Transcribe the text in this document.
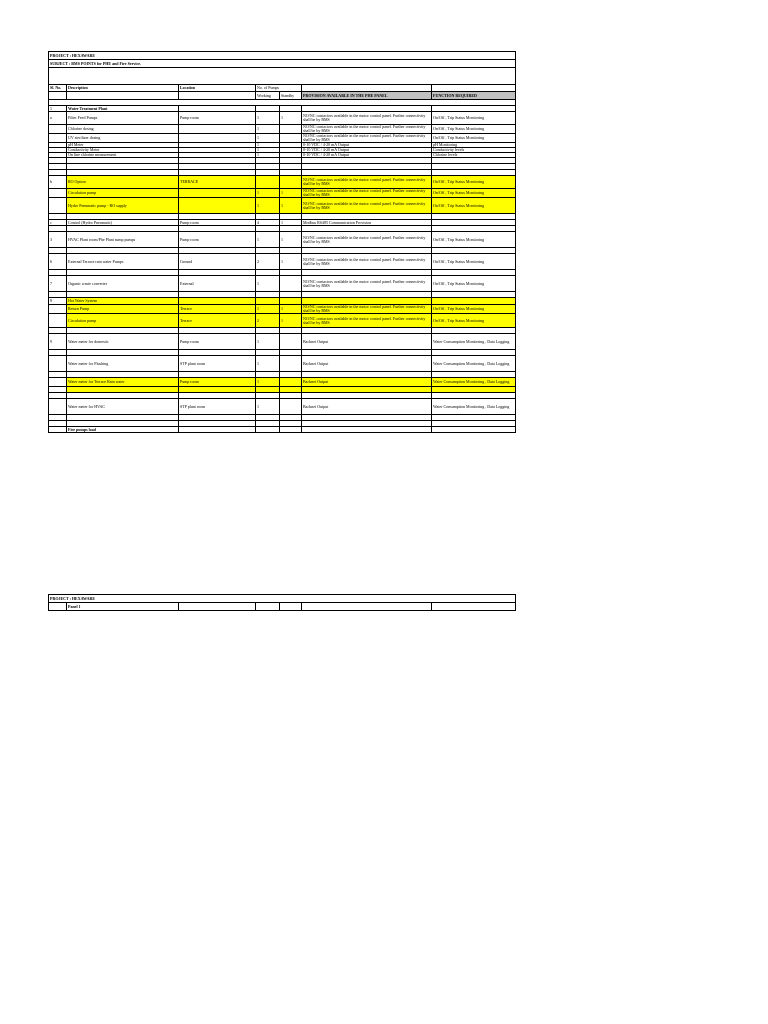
PROJECT : HEXAWARE						
SUBJECT : BMS POINTS for PHE and Fire Service.						

Sl. No.	Description	Location	No. of Pumps			
			Working	Standby	PROVISION AVAILABLE IN THE PHE PANEL	FUNCTION REQUIRED

1	Water Treatment Plant					
a	Filter Feed Pumps	Pump room	1	1	NO/NC contactors available in the motor control panel. Further connectivity shall be by BMS	On/Off , Trip Status Monitoring
	Chlorine dosing		1		NO/NC contactors available in the motor control panel. Further connectivity shall be by BMS	On/Off , Trip Status Monitoring
	UV sterilizer dosing		1		NO/NC contactors available in the motor control panel. Further connectivity shall be by BMS	On/Off , Trip Status Monitoring
	pH Meter		1		0-10 VDC / 4-20 mA Output	pH Monitoring
	Conductivity Meter		1		0-10 VDC / 4-20 mA Output	Conductivity levels
	On line chlorine measurement		1		0-10 VDC / 4-20 mA Output	Chlorine levels

b	RO Option	TERRACE			NO/NC contactors available in the motor control panel. Further connectivity shall be by BMS	On/Off , Trip Status Monitoring
	Circulation pump		1	1	NO/NC contactors available in the motor control panel. Further connectivity shall be by BMS	On/Off , Trip Status Monitoring
	Hydro Pneumatic pump - RO supply		1	1	NO/NC contactors available in the motor control panel. Further connectivity shall be by BMS	On/Off , Trip Status Monitoring

c	Control (Hydro Pneumatic)	Pump room	4	1	Modbus RS485 Communication Provision	

3	HVAC Plant room/Phe Plant sump pumps	Pump room	1	1	NO/NC contactors available in the motor control panel. Further connectivity shall be by BMS	On/Off , Trip Status Monitoring

6	External Terrace rain water Pumps	Ground	2	1	NO/NC contactors available in the motor control panel. Further connectivity shall be by BMS	On/Off , Trip Status Monitoring

7	Organic waste converter	External	1		NO/NC contactors available in the motor control panel. Further connectivity shall be by BMS	On/Off , Trip Status Monitoring

8	Hot Water System					
	Return Pump	Terrace	1	1	NO/NC contactors available in the motor control panel. Further connectivity shall be by BMS	On/Off , Trip Status Monitoring
	Circulation pump	Terrace	2	1	NO/NC contactors available in the motor control panel. Further connectivity shall be by BMS	On/Off , Trip Status Monitoring

9	Water meter for domestic	Pump room	1		Backnet Output	Water Consumption Monitoring , Data Logging

	Water meter for Flushing	STP plant room	1		Backnet Output	Water Consumption Monitoring , Data Logging

	Water meter for Terrace Rain water	Pump room	1		Backnet Output	Water Consumption Monitoring , Data Logging

	Water meter for HVAC	STP plant room	1		Backnet Output	Water Consumption Monitoring , Data Logging

	Fire pumps load					
PROJECT : HEXAWARE
	Panel 1					
